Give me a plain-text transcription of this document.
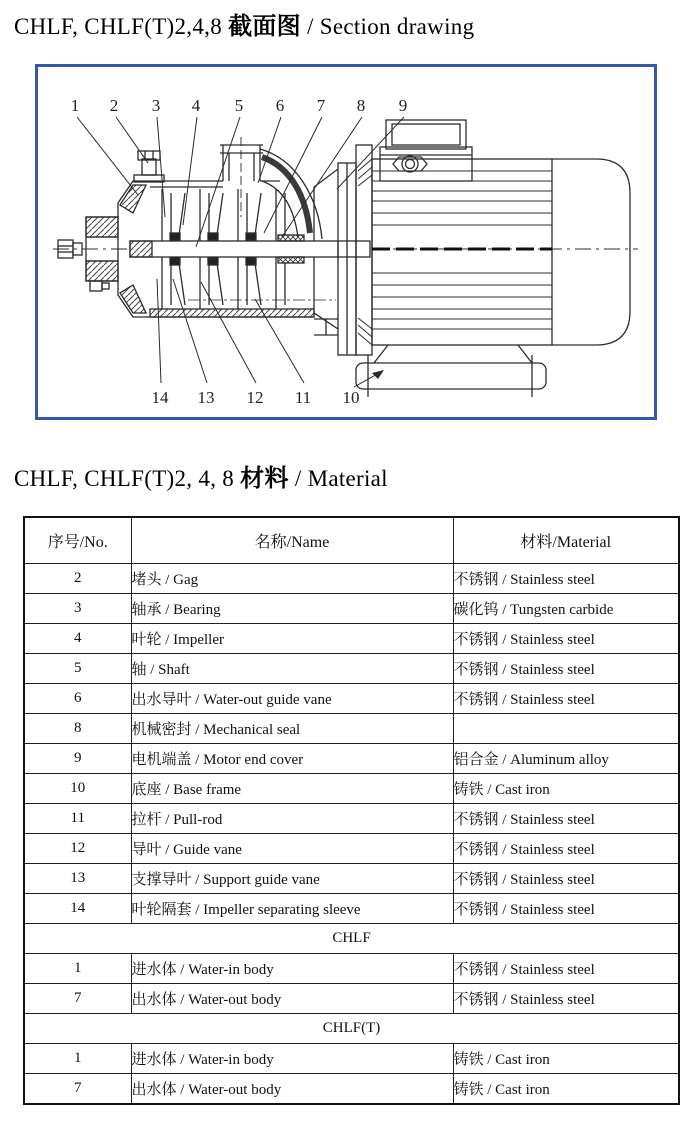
CHLF, CHLF(T)2,4,8 截面图 / Section drawing
1 2 3 4 5 6 7 8 9
14 13 12 11 10
CHLF, CHLF(T)2, 4, 8 材料 / Material
序号/No.	名称/Name	材料/Material
2	堵头 / Gag	不锈钢 / Stainless steel
3	轴承 / Bearing	碳化钨 / Tungsten carbide
4	叶轮 / Impeller	不锈钢 / Stainless steel
5	轴 / Shaft	不锈钢 / Stainless steel
6	出水导叶 / Water-out guide vane	不锈钢 / Stainless steel
8	机械密封 / Mechanical seal	
9	电机端盖 / Motor end cover	铝合金 / Aluminum alloy
10	底座 / Base frame	铸铁 / Cast iron
11	拉杆 / Pull-rod	不锈钢 / Stainless steel
12	导叶 / Guide vane	不锈钢 / Stainless steel
13	支撑导叶 / Support guide vane	不锈钢 / Stainless steel
14	叶轮隔套 / Impeller separating sleeve	不锈钢 / Stainless steel
CHLF		
1	进水体 / Water-in body	不锈钢 / Stainless steel
7	出水体 / Water-out body	不锈钢 / Stainless steel
CHLF(T)		
1	进水体 / Water-in body	铸铁 / Cast iron
7	出水体 / Water-out body	铸铁 / Cast iron
